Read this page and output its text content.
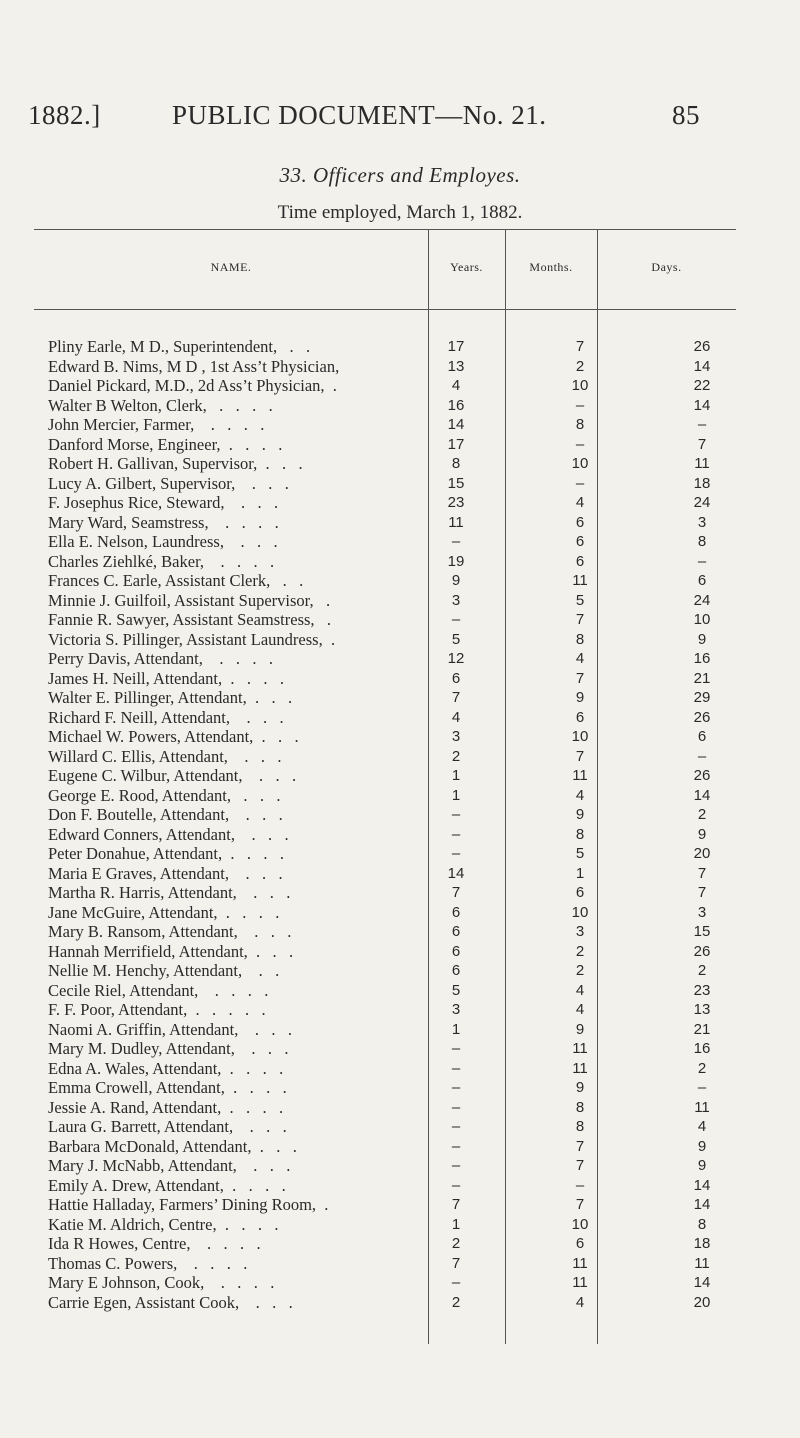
1882.]	PUBLIC DOCUMENT—No. 21.	85
33. Officers and Employes.
Time employed, March 1, 1882.
NAME.	Years.	Months.	Days.
Pliny Earle, M D., Superintendent,   .   .	17	7	26
Edward B. Nims, M D , 1st Ass’t Physician,	13	2	14
Daniel Pickard, M.D., 2d Ass’t Physician,  .	4	10	22
Walter B Welton, Clerk,   .   .   .   .	16	–	14
John Mercier, Farmer,    .   .   .   .	14	8	–
Danford Morse, Engineer,  .   .   .   .	17	–	7
Robert H. Gallivan, Supervisor,  .   .   .	8	10	11
Lucy A. Gilbert, Supervisor,    .   .   .	15	–	18
F. Josephus Rice, Steward,    .   .   .	23	4	24
Mary Ward, Seamstress,    .   .   .   .	11	6	3
Ella E. Nelson, Laundress,    .   .   .	–	6	8
Charles Ziehlké, Baker,    .   .   .   .	19	6	–
Frances C. Earle, Assistant Clerk,   .   .	9	11	6
Minnie J. Guilfoil, Assistant Supervisor,   .	3	5	24
Fannie R. Sawyer, Assistant Seamstress,   .	–	7	10
Victoria S. Pillinger, Assistant Laundress,  .	5	8	9
Perry Davis, Attendant,    .   .   .   .	12	4	16
James H. Neill, Attendant,  .   .   .   .	6	7	21
Walter E. Pillinger, Attendant,  .   .   .	7	9	29
Richard F. Neill, Attendant,    .   .   .	4	6	26
Michael W. Powers, Attendant,  .   .   .	3	10	6
Willard C. Ellis, Attendant,    .   .   .	2	7	–
Eugene C. Wilbur, Attendant,    .   .   .	1	11	26
George E. Rood, Attendant,   .   .   .	1	4	14
Don F. Boutelle, Attendant,    .   .   .	–	9	2
Edward Conners, Attendant,    .   .   .	–	8	9
Peter Donahue, Attendant,  .   .   .   .	–	5	20
Maria E Graves, Attendant,    .   .   .	14	1	7
Martha R. Harris, Attendant,    .   .   .	7	6	7
Jane McGuire, Attendant,  .   .   .   .	6	10	3
Mary B. Ransom, Attendant,    .   .   .	6	3	15
Hannah Merrifield, Attendant,  .   .   .	6	2	26
Nellie M. Henchy, Attendant,    .   .	6	2	2
Cecile Riel, Attendant,    .   .   .   .	5	4	23
F. F. Poor, Attendant,  .   .   .   .   .	3	4	13
Naomi A. Griffin, Attendant,    .   .   .	1	9	21
Mary M. Dudley, Attendant,    .   .   .	–	11	16
Edna A. Wales, Attendant,  .   .   .   .	–	11	2
Emma Crowell, Attendant,  .   .   .   .	–	9	–
Jessie A. Rand, Attendant,  .   .   .   .	–	8	11
Laura G. Barrett, Attendant,    .   .   .	–	8	4
Barbara McDonald, Attendant,  .   .   .	–	7	9
Mary J. McNabb, Attendant,    .   .   .	–	7	9
Emily A. Drew, Attendant,  .   .   .   .	–	–	14
Hattie Halladay, Farmers’ Dining Room,  .	7	7	14
Katie M. Aldrich, Centre,  .   .   .   .	1	10	8
Ida R Howes, Centre,    .   .   .   .	2	6	18
Thomas C. Powers,    .   .   .   .	7	11	11
Mary E Johnson, Cook,    .   .   .   .	–	11	14
Carrie Egen, Assistant Cook,    .   .   .	2	4	20
